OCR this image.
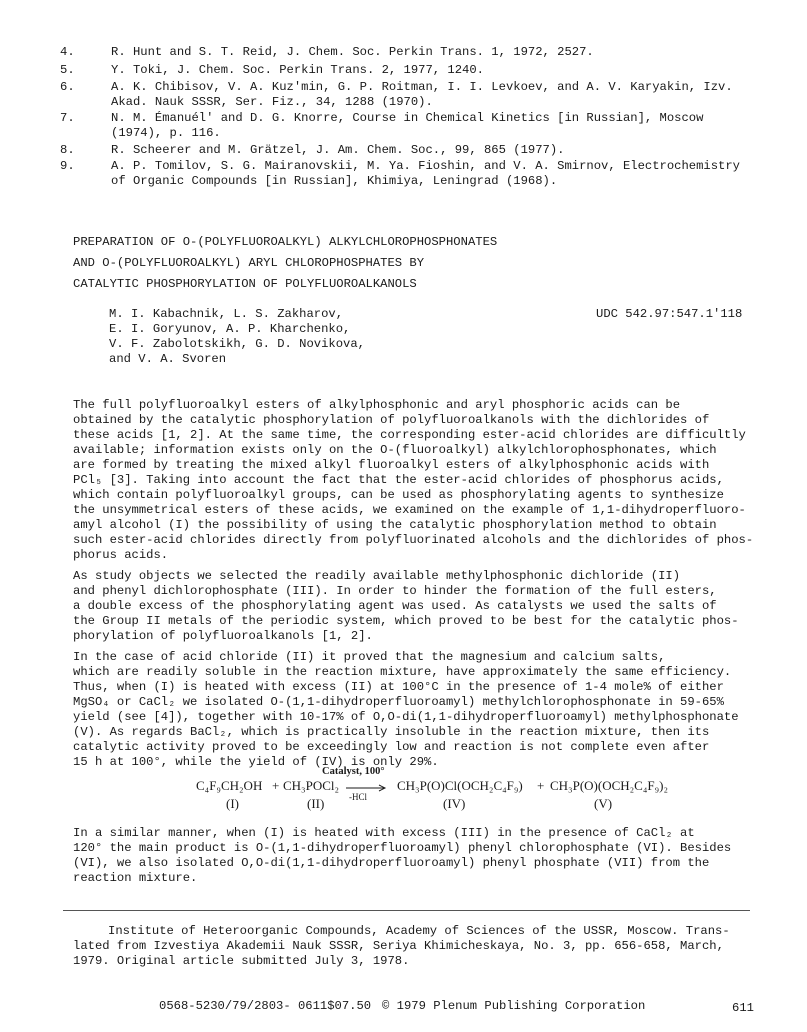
4.	R. Hunt and S. T. Reid, J. Chem. Soc. Perkin Trans. 1, 1972, 2527.
5.	Y. Toki, J. Chem. Soc. Perkin Trans. 2, 1977, 1240.
6.	A. K. Chibisov, V. A. Kuz'min, G. P. Roitman, I. I. Levkoev, and A. V. Karyakin, Izv.
Akad. Nauk SSSR, Ser. Fiz., 34, 1288 (1970).
7.	N. M. Émanuél' and D. G. Knorre, Course in Chemical Kinetics [in Russian], Moscow
(1974), p. 116.
8.	R. Scheerer and M. Grätzel, J. Am. Chem. Soc., 99, 865 (1977).
9.	A. P. Tomilov, S. G. Mairanovskii, M. Ya. Fioshin, and V. A. Smirnov, Electrochemistry
of Organic Compounds [in Russian], Khimiya, Leningrad (1968).
PREPARATION OF O-(POLYFLUOROALKYL) ALKYLCHLOROPHOSPHONATES
AND O-(POLYFLUOROALKYL) ARYL CHLOROPHOSPHATES BY
CATALYTIC PHOSPHORYLATION OF POLYFLUOROALKANOLS
M. I. Kabachnik, L. S. Zakharov,
E. I. Goryunov, A. P. Kharchenko,
V. F. Zabolotskikh, G. D. Novikova,
and V. A. Svoren
UDC 542.97:547.1'118
The full polyfluoroalkyl esters of alkylphosphonic and aryl phosphoric acids can be
obtained by the catalytic phosphorylation of polyfluoroalkanols with the dichlorides of
these acids [1, 2]. At the same time, the corresponding ester-acid chlorides are difficultly
available; information exists only on the O-(fluoroalkyl) alkylchlorophosphonates, which
are formed by treating the mixed alkyl fluoroalkyl esters of alkylphosphonic acids with
PCl₅ [3]. Taking into account the fact that the ester-acid chlorides of phosphorus acids,
which contain polyfluoroalkyl groups, can be used as phosphorylating agents to synthesize
the unsymmetrical esters of these acids, we examined on the example of 1,1-dihydroperfluoro-
amyl alcohol (I) the possibility of using the catalytic phosphorylation method to obtain
such ester-acid chlorides directly from polyfluorinated alcohols and the dichlorides of phos-
phorus acids.
As study objects we selected the readily available methylphosphonic dichloride (II)
and phenyl dichlorophosphate (III). In order to hinder the formation of the full esters,
a double excess of the phosphorylating agent was used. As catalysts we used the salts of
the Group II metals of the periodic system, which proved to be best for the catalytic phos-
phorylation of polyfluoroalkanols [1, 2].
In the case of acid chloride (II) it proved that the magnesium and calcium salts,
which are readily soluble in the reaction mixture, have approximately the same efficiency.
Thus, when (I) is heated with excess (II) at 100°C in the presence of 1-4 mole% of either
MgSO₄ or CaCl₂ we isolated O-(1,1-dihydroperfluoroamyl) methylchlorophosphonate in 59-65%
yield (see [4]), together with 10-17% of O,O-di(1,1-dihydroperfluoroamyl) methylphosphonate
(V). As regards BaCl₂, which is practically insoluble in the reaction mixture, then its
catalytic activity proved to be exceedingly low and reaction is not complete even after
15 h at 100°, while the yield of (IV) is only 29%.
C₄F₉CH₂OH + CH₃POCl₂
Catalyst, 100°
-HCl
CH₃P(O)Cl(OCH₂C₄F₉) + CH₃P(O)(OCH₂C₄F₉)₂
(I)	(II)	(IV)	(V)
In a similar manner, when (I) is heated with excess (III) in the presence of CaCl₂ at
120° the main product is O-(1,1-dihydroperfluoroamyl) phenyl chlorophosphate (VI). Besides
(VI), we also isolated O,O-di(1,1-dihydroperfluoroamyl) phenyl phosphate (VII) from the
reaction mixture.
Institute of Heteroorganic Compounds, Academy of Sciences of the USSR, Moscow. Trans-
lated from Izvestiya Akademii Nauk SSSR, Seriya Khimicheskaya, No. 3, pp. 656-658, March,
1979. Original article submitted July 3, 1978.
0568-5230/79/2803- 0611$07.50 © 1979 Plenum Publishing Corporation	611
